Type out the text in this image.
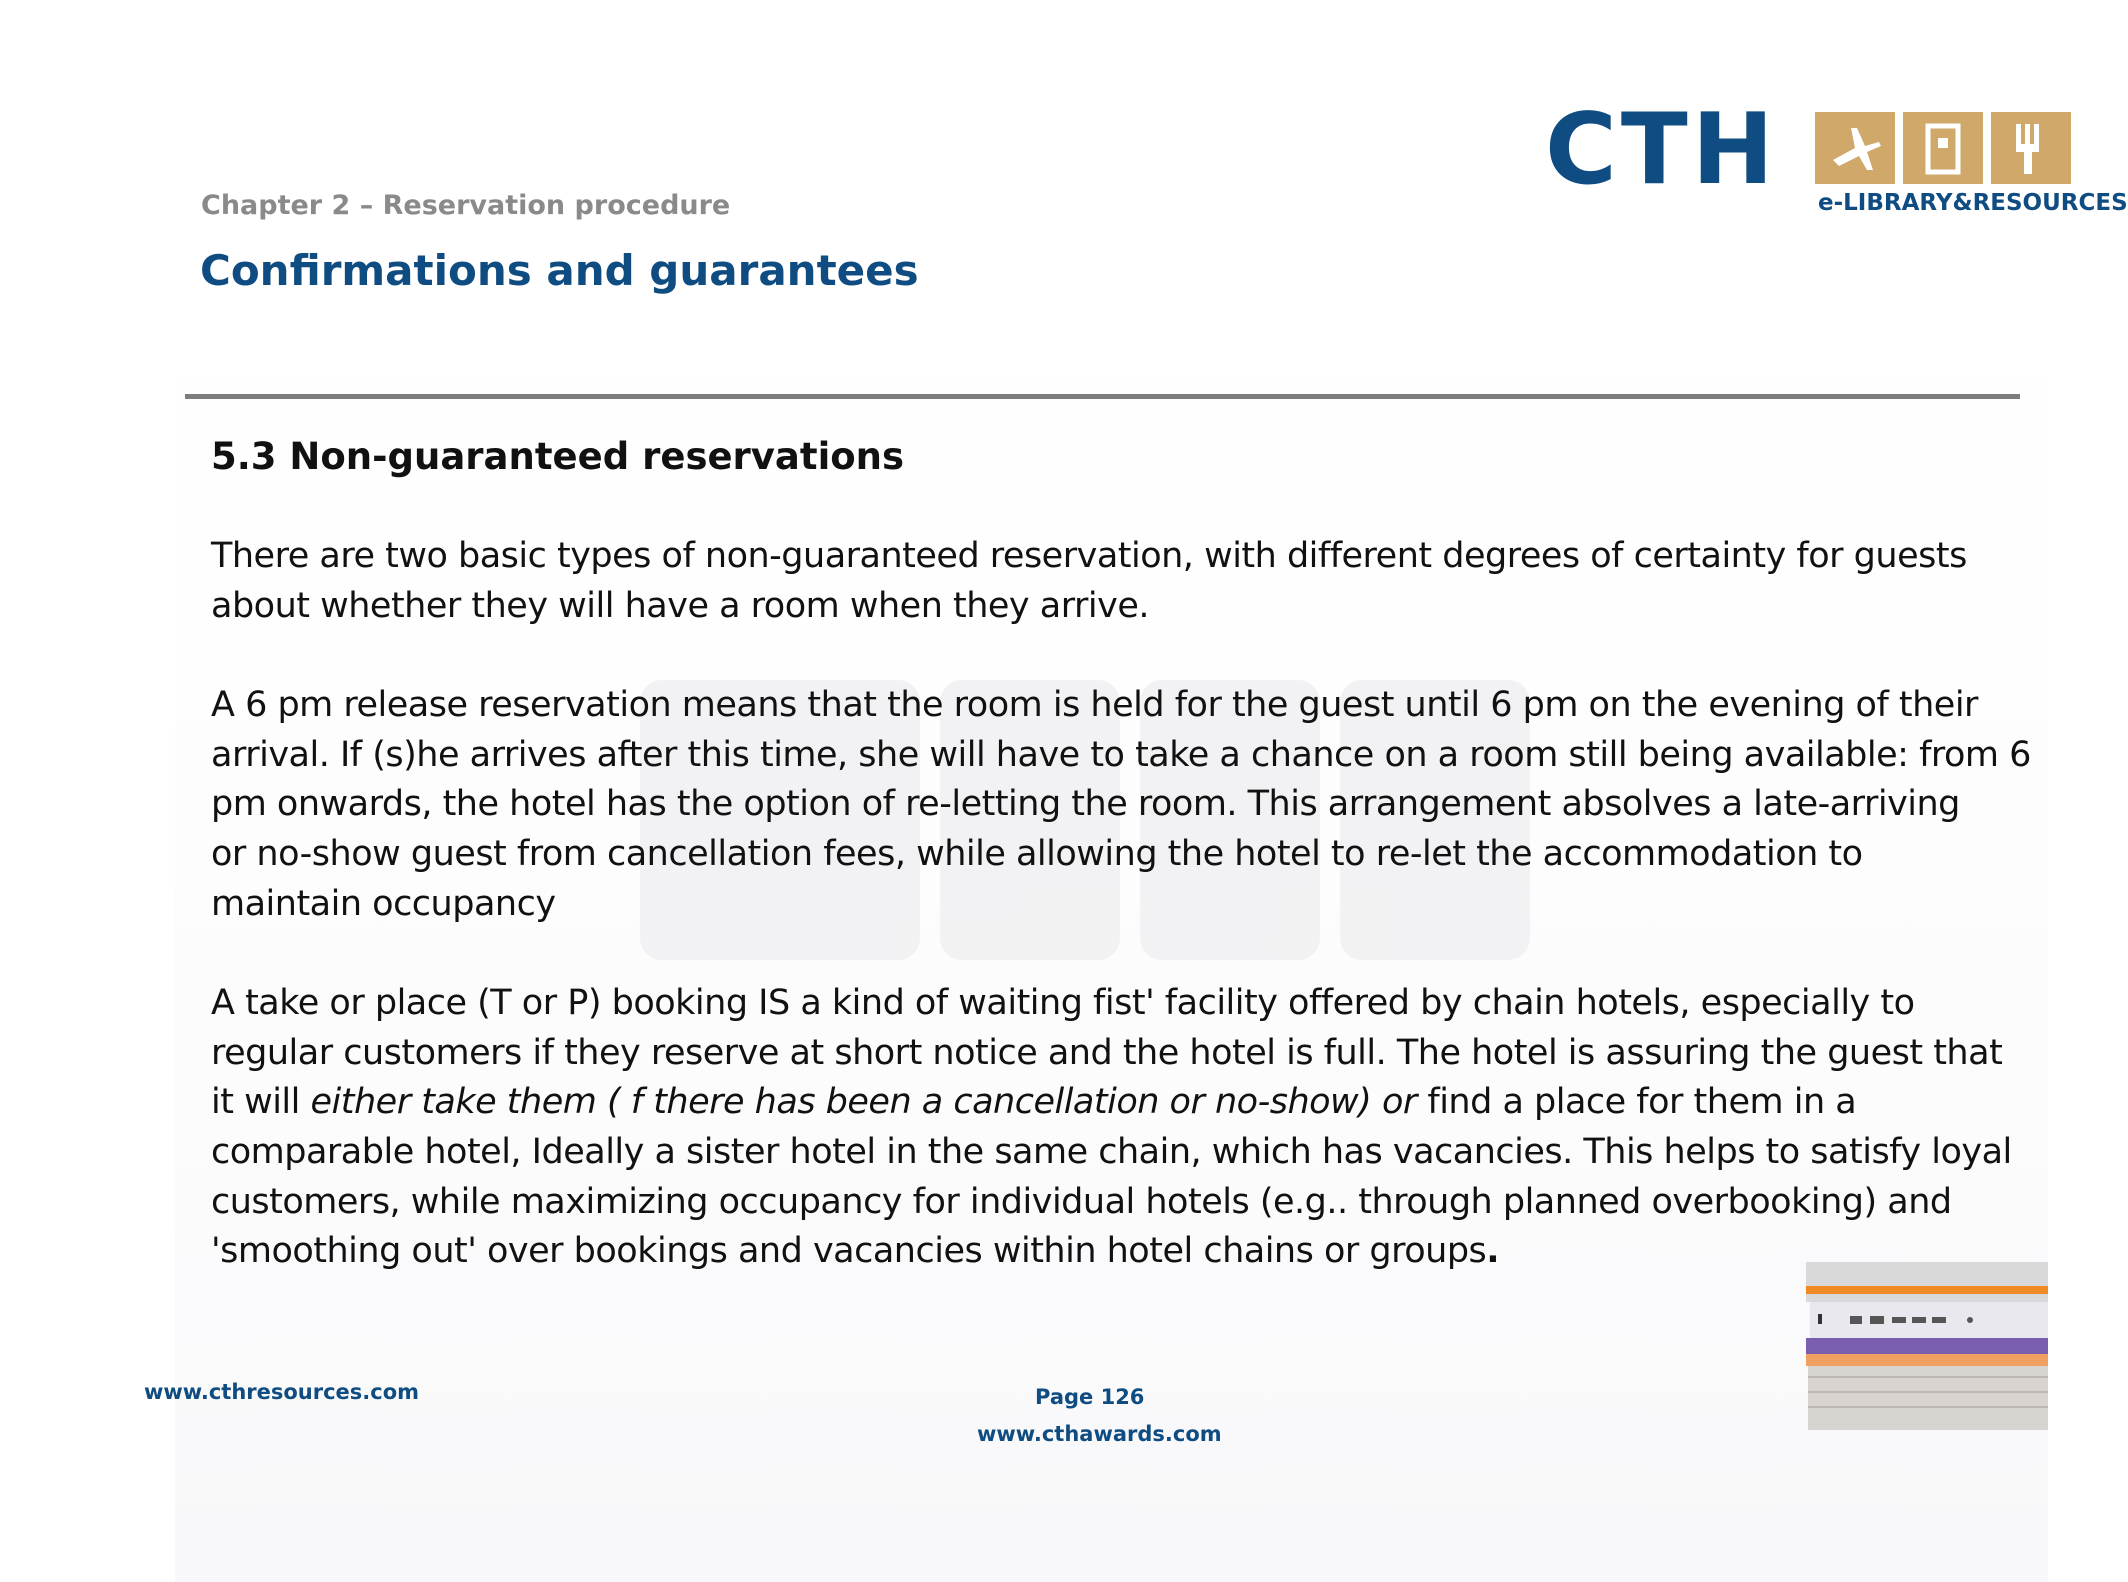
Chapter 2 – Reservation procedure
Confirmations and guarantees
CTH e-LIBRARY&RESOURCES
5.3 Non-guaranteed reservations
There are two basic types of non-guaranteed reservation, with different degrees of certainty for guests
about whether they will have a room when they arrive.
A 6 pm release reservation means that the room is held for the guest until 6 pm on the evening of their
arrival. If (s)he arrives after this time, she will have to take a chance on a room still being available: from 6
pm onwards, the hotel has the option of re-letting the room. This arrangement absolves a late-arriving
or no-show guest from cancellation fees, while allowing the hotel to re-let the accommodation to
maintain occupancy
A take or place (T or P) booking IS a kind of waiting fist' facility offered by chain hotels, especially to
regular customers if they reserve at short notice and the hotel is full. The hotel is assuring the guest that
it will either take them ( f there has been a cancellation or no-show) or find a place for them in a
comparable hotel, Ideally a sister hotel in the same chain, which has vacancies. This helps to satisfy loyal
customers, while maximizing occupancy for individual hotels (e.g.. through planned overbooking) and
'smoothing out' over bookings and vacancies within hotel chains or groups.
www.cthresources.com	Page 126
www.cthawards.com
